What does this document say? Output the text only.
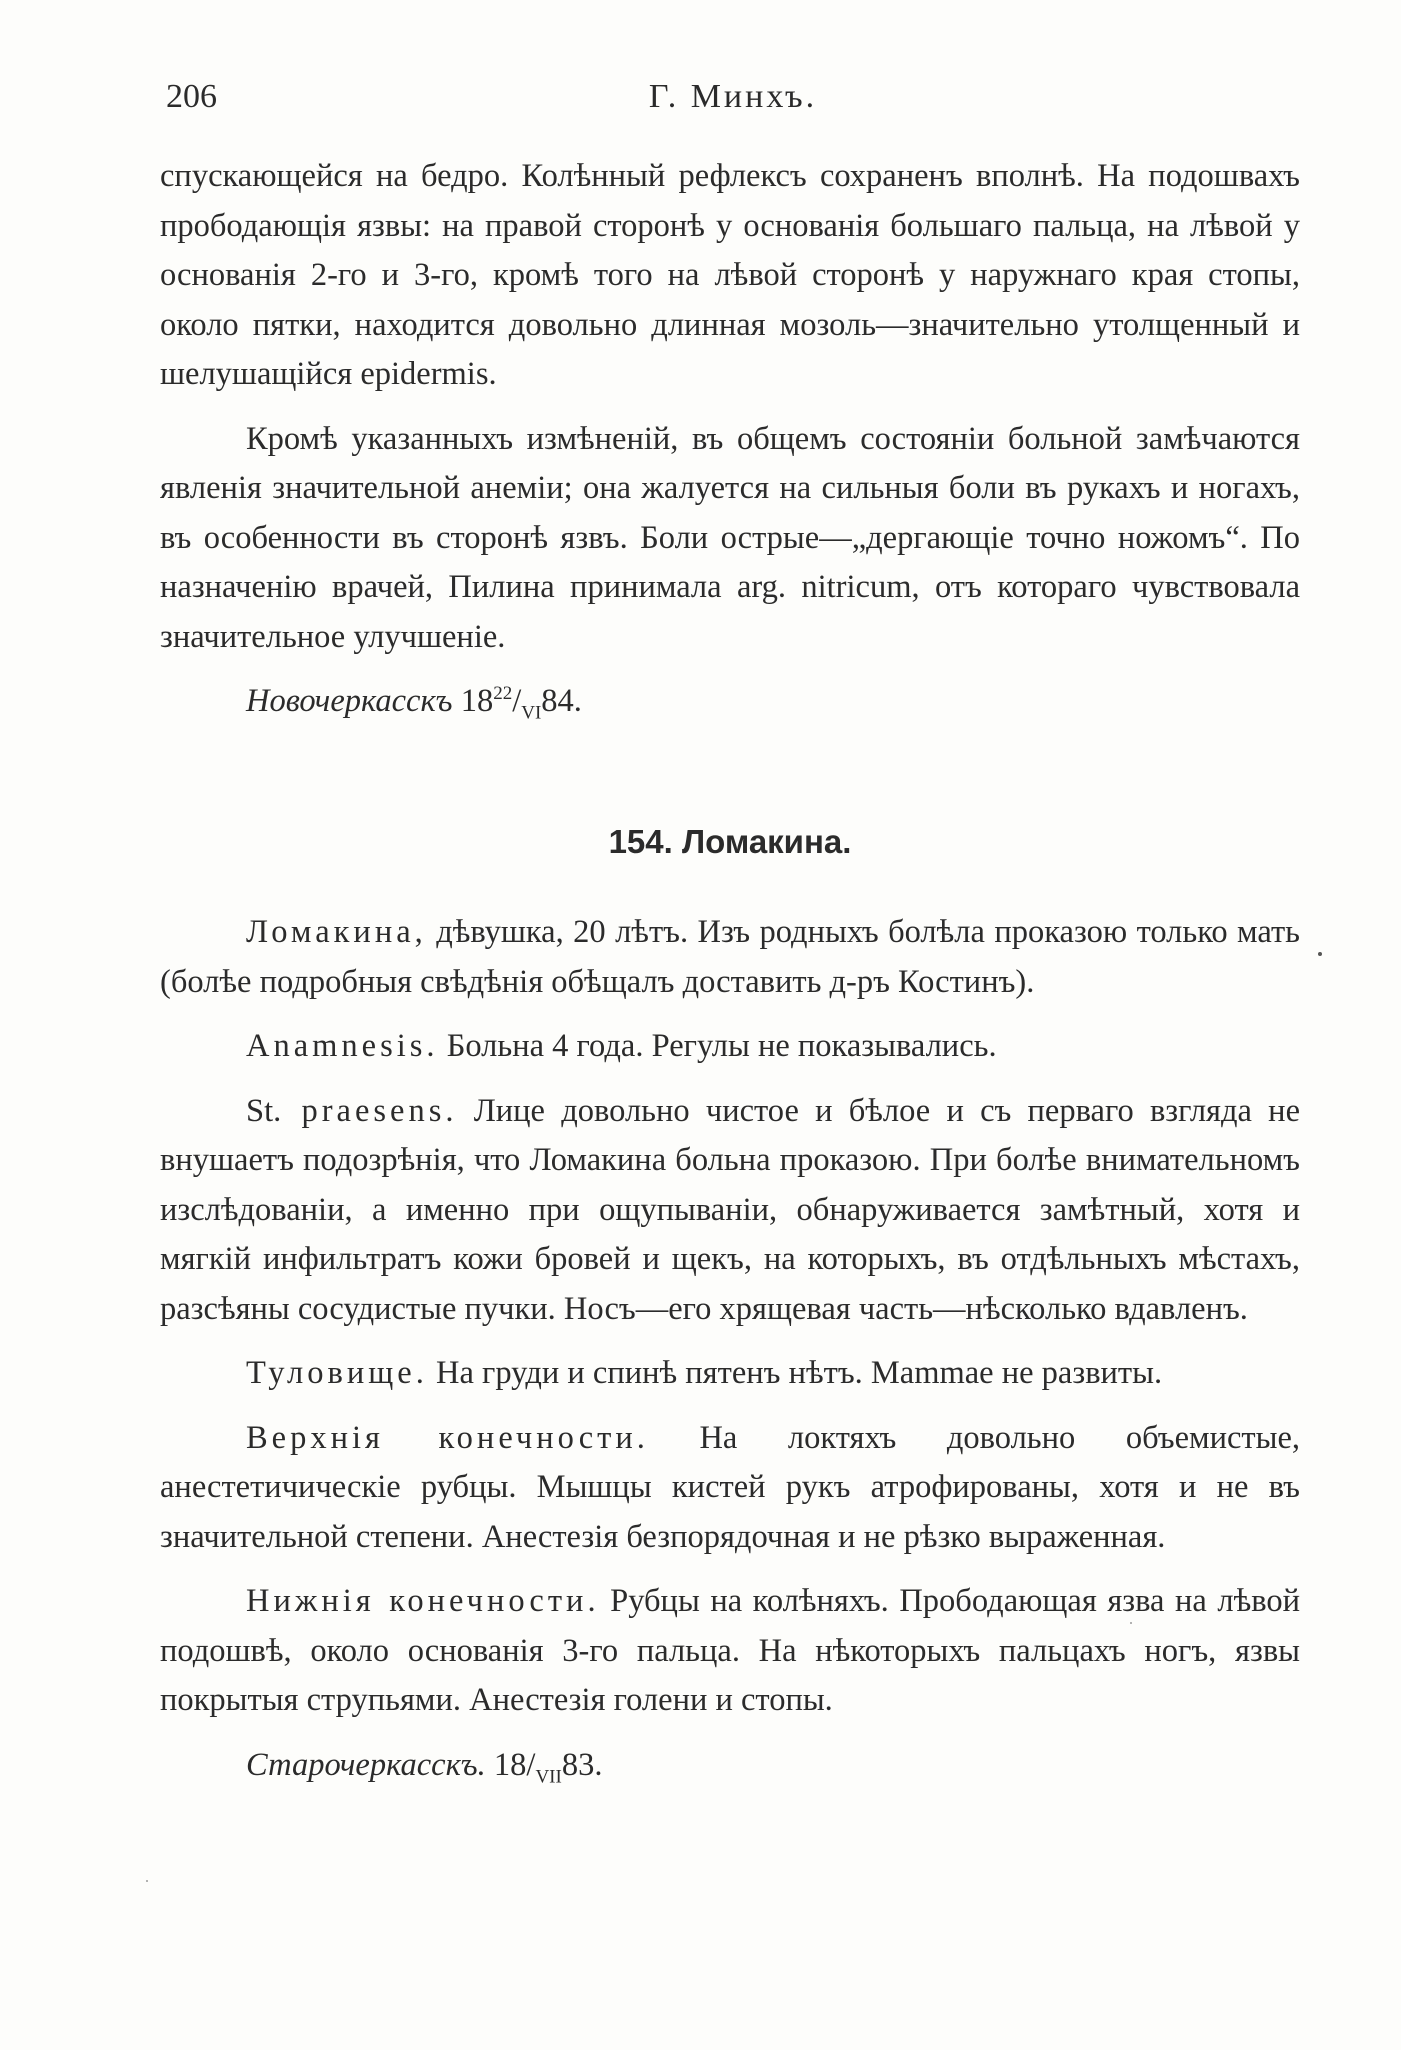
206	Г. Минхъ.

спускающейся на бедро. Колѣнный рефлексъ сохраненъ вполнѣ. На подошвахъ прободающія язвы: на правой сторонѣ у основанія большаго пальца, на лѣвой у основанія 2-го и 3-го, кромѣ того на лѣвой сторонѣ у наружнаго края стопы, около пятки, находится довольно длинная мозоль—значительно утолщенный и шелушащійся epidermis.

Кромѣ указанныхъ измѣненій, въ общемъ состояніи больной замѣчаются явленія значительной анеміи; она жалуется на сильныя боли въ рукахъ и ногахъ, въ особенности въ сторонѣ язвъ. Боли острые—„дергающіе точно ножомъ“. По назначенію врачей, Пилина принимала arg. nitricum, отъ котораго чувствовала значительное улучшеніе.

Новочеркасскъ $18^{22}/_{VI}84$.

154. Ломакина.

Ломакина, дѣвушка, 20 лѣтъ. Изъ родныхъ болѣла проказою только мать (болѣе подробныя свѣдѣнія обѣщалъ доставить д-ръ Костинъ).

Anamnesis. Больна 4 года. Регулы не показывались.

St. praesens. Лице довольно чистое и бѣлое и съ перваго взгляда не внушаетъ подозрѣнія, что Ломакина больна проказою. При болѣе внимательномъ изслѣдованіи, а именно при ощупываніи, обнаруживается замѣтный, хотя и мягкій инфильтратъ кожи бровей и щекъ, на которыхъ, въ отдѣльныхъ мѣстахъ, разсѣяны сосудистые пучки. Носъ—его хрящевая часть—нѣсколько вдавленъ.

Туловище. На груди и спинѣ пятенъ нѣтъ. Mammae не развиты.

Верхнія конечности. На локтяхъ довольно объемистые, анестетичическіе рубцы. Мышцы кистей рукъ атрофированы, хотя и не въ значительной степени. Анестезія безпорядочная и не рѣзко выраженная.

Нижнія конечности. Рубцы на колѣняхъ. Прободающая язва на лѣвой подошвѣ, около основанія 3-го пальца. На нѣкоторыхъ пальцахъ ногъ, язвы покрытыя струпьями. Анестезія голени и стопы.

Старочеркасскъ. $18/_{VII}83$.
